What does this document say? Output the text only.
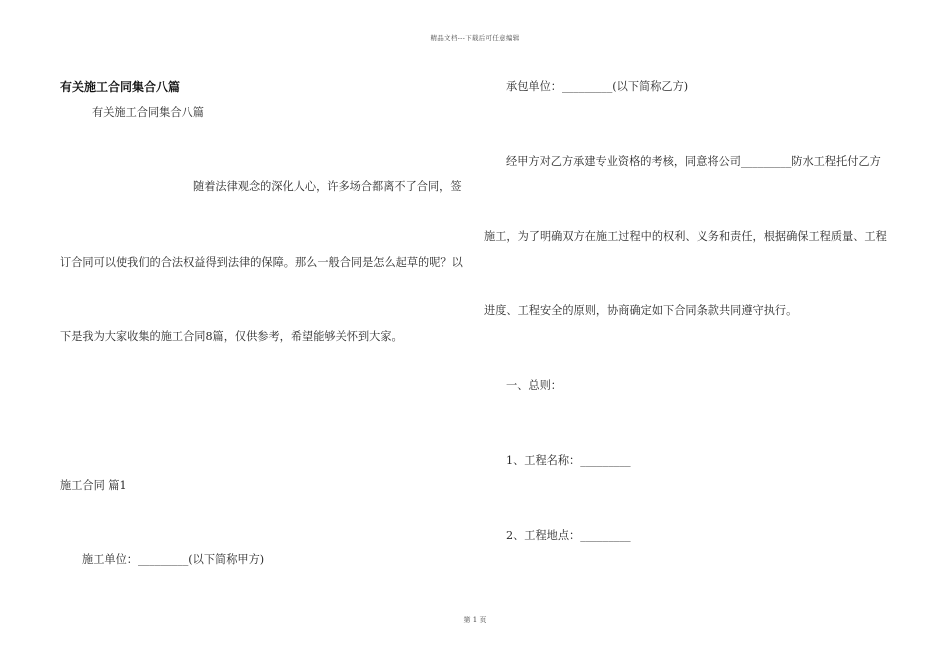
精品文档---下载后可任意编辑
有关施工合同集合八篇
有关施工合同集合八篇
随着法律观念的深化人心，许多场合都离不了合同，签
订合同可以使我们的合法权益得到法律的保障。那么一般合同是怎么起草的呢？以
下是我为大家收集的施工合同8篇，仅供参考，希望能够关怀到大家。
施工合同 篇1
施工单位：_________(以下简称甲方)
承包单位：_________(以下简称乙方)
经甲方对乙方承建专业资格的考核，同意将公司_________防水工程托付乙方
施工，为了明确双方在施工过程中的权利、义务和责任，根据确保工程质量、工程
进度、工程安全的原则，协商确定如下合同条款共同遵守执行。
一、总则：
1、工程名称：_________
2、工程地点：_________
第 1 页
